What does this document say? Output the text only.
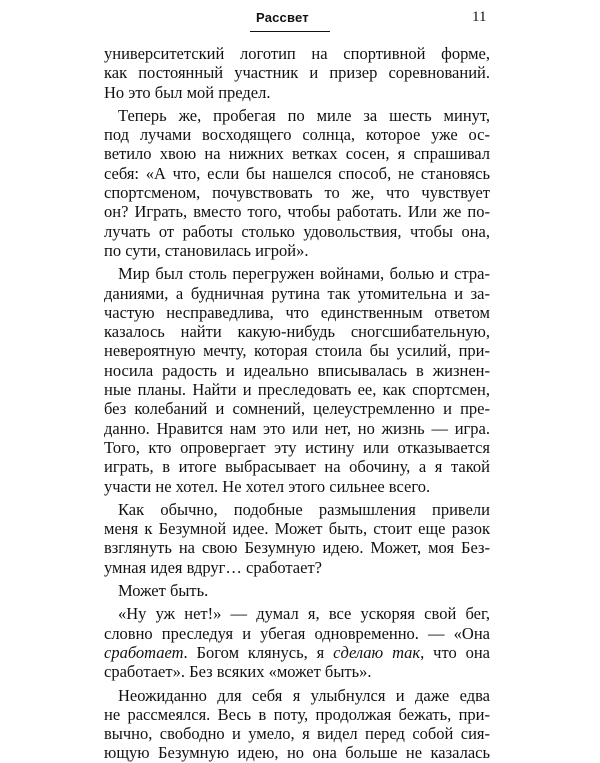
Рассвет	11
университетский логотип на спортивной форме,
как постоянный участник и призер соревнований.
Но это был мой предел.
Теперь же, пробегая по миле за шесть минут,
под лучами восходящего солнца, которое уже ос-
ветило хвою на нижних ветках сосен, я спрашивал
себя: «А что, если бы нашелся способ, не становясь
спортсменом, почувствовать то же, что чувствует
он? Играть, вместо того, чтобы работать. Или же по-
лучать от работы столько удовольствия, чтобы она,
по сути, становилась игрой».
Мир был столь перегружен войнами, болью и стра-
даниями, а будничная рутина так утомительна и за-
частую несправедлива, что единственным ответом
казалось найти какую-нибудь сногсшибательную,
невероятную мечту, которая стоила бы усилий, при-
носила радость и идеально вписывалась в жизнен-
ные планы. Найти и преследовать ее, как спортсмен,
без колебаний и сомнений, целеустремленно и пре-
данно. Нравится нам это или нет, но жизнь — игра.
Того, кто опровергает эту истину или отказывается
играть, в итоге выбрасывает на обочину, а я такой
участи не хотел. Не хотел этого сильнее всего.
Как обычно, подобные размышления привели
меня к Безумной идее. Может быть, стоит еще разок
взглянуть на свою Безумную идею. Может, моя Без-
умная идея вдруг… сработает?
Может быть.
«Ну уж нет!» — думал я, все ускоряя свой бег,
словно преследуя и убегая одновременно. — «Она
сработает. Богом клянусь, я сделаю так, что она
сработает». Без всяких «может быть».
Неожиданно для себя я улыбнулся и даже едва
не рассмеялся. Весь в поту, продолжая бежать, при-
вычно, свободно и умело, я видел перед собой сия-
ющую Безумную идею, но она больше не казалась
